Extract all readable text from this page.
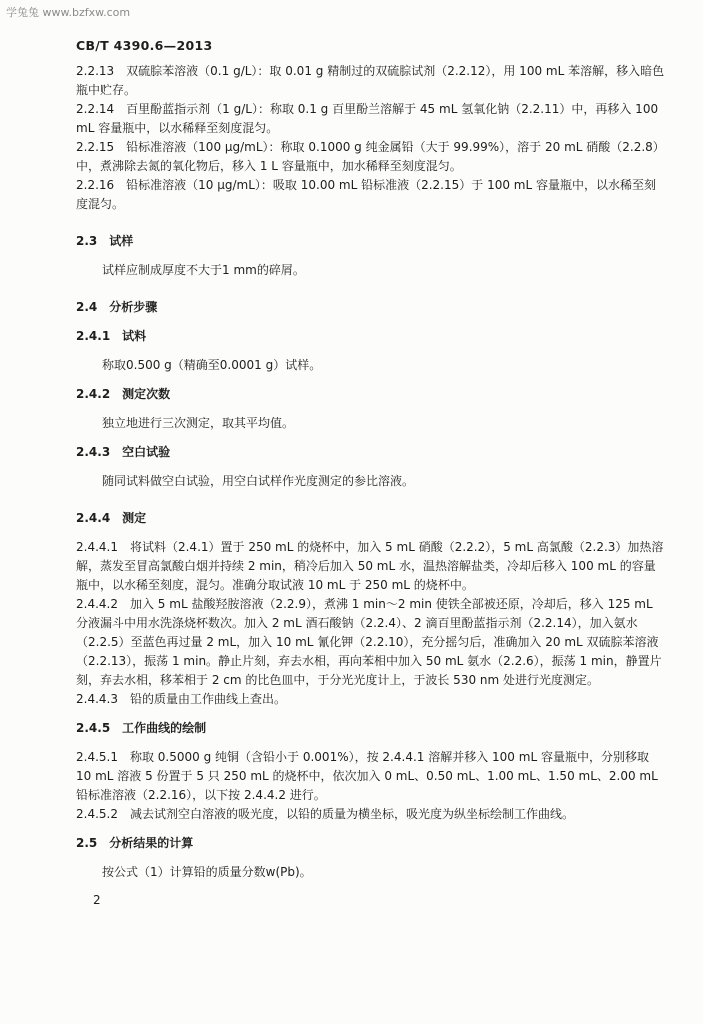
学兔兔 www.bzfxw.com
CB/T 4390.6—2013
2.2.13 双硫腙苯溶液（0.1 g/L）：取 0.01 g 精制过的双硫腙试剂（2.2.12），用 100 mL 苯溶解，移入暗色瓶中贮存。
2.2.14 百里酚蓝指示剂（1 g/L）：称取 0.1 g 百里酚兰溶解于 45 mL 氢氧化钠（2.2.11）中，再移入 100 mL 容量瓶中，以水稀释至刻度混匀。
2.2.15 铅标准溶液（100 μg/mL）：称取 0.1000 g 纯金属铅（大于 99.99%），溶于 20 mL 硝酸（2.2.8）中，煮沸除去氮的氧化物后，移入 1 L 容量瓶中，加水稀释至刻度混匀。
2.2.16 铅标准溶液（10 μg/mL）：吸取 10.00 mL 铅标准液（2.2.15）于 100 mL 容量瓶中，以水稀至刻度混匀。
2.3 试样
试样应制成厚度不大于1 mm的碎屑。
2.4 分析步骤
2.4.1 试料
称取0.500 g（精确至0.0001 g）试样。
2.4.2 测定次数
独立地进行三次测定，取其平均值。
2.4.3 空白试验
随同试料做空白试验，用空白试样作光度测定的参比溶液。
2.4.4 测定
2.4.4.1 将试料（2.4.1）置于 250 mL 的烧杯中，加入 5 mL 硝酸（2.2.2），5 mL 高氯酸（2.2.3）加热溶解，蒸发至冒高氯酸白烟并持续 2 min，稍冷后加入 50 mL 水，温热溶解盐类，冷却后移入 100 mL 的容量瓶中，以水稀至刻度，混匀。准确分取试液 10 mL 于 250 mL 的烧杯中。
2.4.4.2 加入 5 mL 盐酸羟胺溶液（2.2.9），煮沸 1 min～2 min 使铁全部被还原，冷却后，移入 125 mL 分液漏斗中用水洗涤烧杯数次。加入 2 mL 酒石酸钠（2.2.4）、2 滴百里酚蓝指示剂（2.2.14），加入氨水（2.2.5）至蓝色再过量 2 mL，加入 10 mL 氰化钾（2.2.10），充分摇匀后，准确加入 20 mL 双硫腙苯溶液（2.2.13），振荡 1 min。静止片刻，弃去水相，再向苯相中加入 50 mL 氨水（2.2.6），振荡 1 min，静置片刻，弃去水相，移苯相于 2 cm 的比色皿中，于分光光度计上，于波长 530 nm 处进行光度测定。
2.4.4.3 铅的质量由工作曲线上查出。
2.4.5 工作曲线的绘制
2.4.5.1 称取 0.5000 g 纯铜（含铅小于 0.001%），按 2.4.4.1 溶解并移入 100 mL 容量瓶中，分别移取 10 mL 溶液 5 份置于 5 只 250 mL 的烧杯中，依次加入 0 mL、0.50 mL、1.00 mL、1.50 mL、2.00 mL 铅标准溶液（2.2.16），以下按 2.4.4.2 进行。
2.4.5.2 减去试剂空白溶液的吸光度，以铅的质量为横坐标，吸光度为纵坐标绘制工作曲线。
2.5 分析结果的计算
按公式（1）计算铅的质量分数w(Pb)。
2
